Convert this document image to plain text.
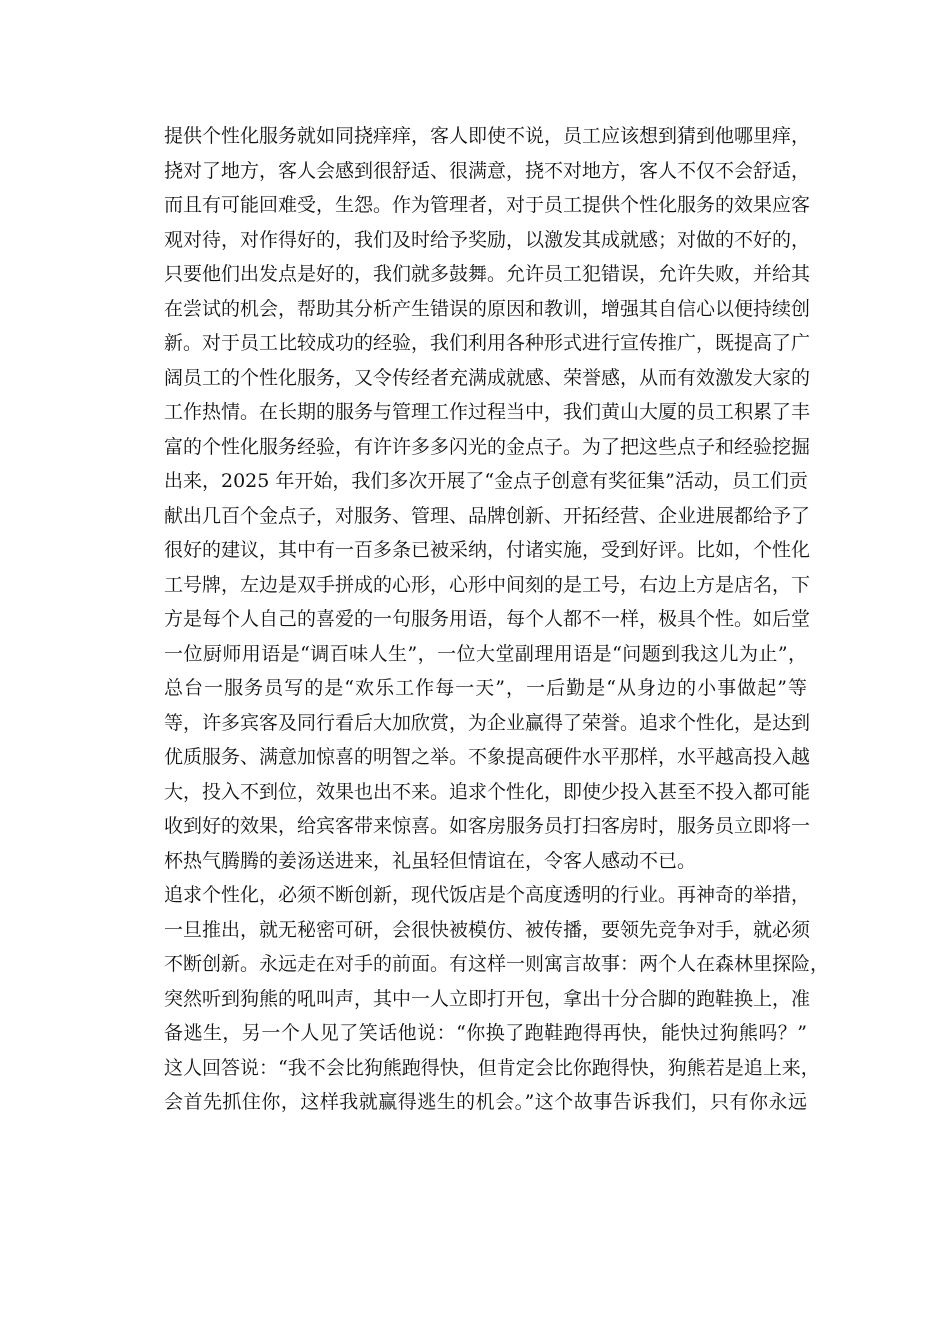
提供个性化服务就如同挠痒痒，客人即使不说，员工应该想到猜到他哪里痒，
挠对了地方，客人会感到很舒适、很满意，挠不对地方，客人不仅不会舒适，
而且有可能回难受，生怨。作为管理者，对于员工提供个性化服务的效果应客
观对待，对作得好的，我们及时给予奖励，以激发其成就感；对做的不好的，
只要他们出发点是好的，我们就多鼓舞。允许员工犯错误，允许失败，并给其
在尝试的机会，帮助其分析产生错误的原因和教训，增强其自信心以便持续创
新。对于员工比较成功的经验，我们利用各种形式进行宣传推广，既提高了广
阔员工的个性化服务，又令传经者充满成就感、荣誉感，从而有效激发大家的
工作热情。在长期的服务与管理工作过程当中，我们黄山大厦的员工积累了丰
富的个性化服务经验，有许许多多闪光的金点子。为了把这些点子和经验挖掘
出来，2025 年开始，我们多次开展了“金点子创意有奖征集”活动，员工们贡
献出几百个金点子，对服务、管理、品牌创新、开拓经营、企业进展都给予了
很好的建议，其中有一百多条已被采纳，付诸实施，受到好评。比如，个性化
工号牌，左边是双手拼成的心形，心形中间刻的是工号，右边上方是店名，下
方是每个人自己的喜爱的一句服务用语，每个人都不一样，极具个性。如后堂
一位厨师用语是“调百味人生”，一位大堂副理用语是“问题到我这儿为止”，
总台一服务员写的是“欢乐工作每一天”，一后勤是“从身边的小事做起”等
等，许多宾客及同行看后大加欣赏，为企业赢得了荣誉。追求个性化，是达到
优质服务、满意加惊喜的明智之举。不象提高硬件水平那样，水平越高投入越
大，投入不到位，效果也出不来。追求个性化，即使少投入甚至不投入都可能
收到好的效果，给宾客带来惊喜。如客房服务员打扫客房时，服务员立即将一
杯热气腾腾的姜汤送进来，礼虽轻但情谊在，令客人感动不已。

追求个性化，必须不断创新，现代饭店是个高度透明的行业。再神奇的举措，
一旦推出，就无秘密可研，会很快被模仿、被传播，要领先竞争对手，就必须
不断创新。永远走在对手的前面。有这样一则寓言故事：两个人在森林里探险，
突然听到狗熊的吼叫声，其中一人立即打开包，拿出十分合脚的跑鞋换上，准
备逃生，另一个人见了笑话他说：“你换了跑鞋跑得再快，能快过狗熊吗？”
这人回答说：“我不会比狗熊跑得快，但肯定会比你跑得快，狗熊若是追上来，
会首先抓住你，这样我就赢得逃生的机会。”这个故事告诉我们，只有你永远
